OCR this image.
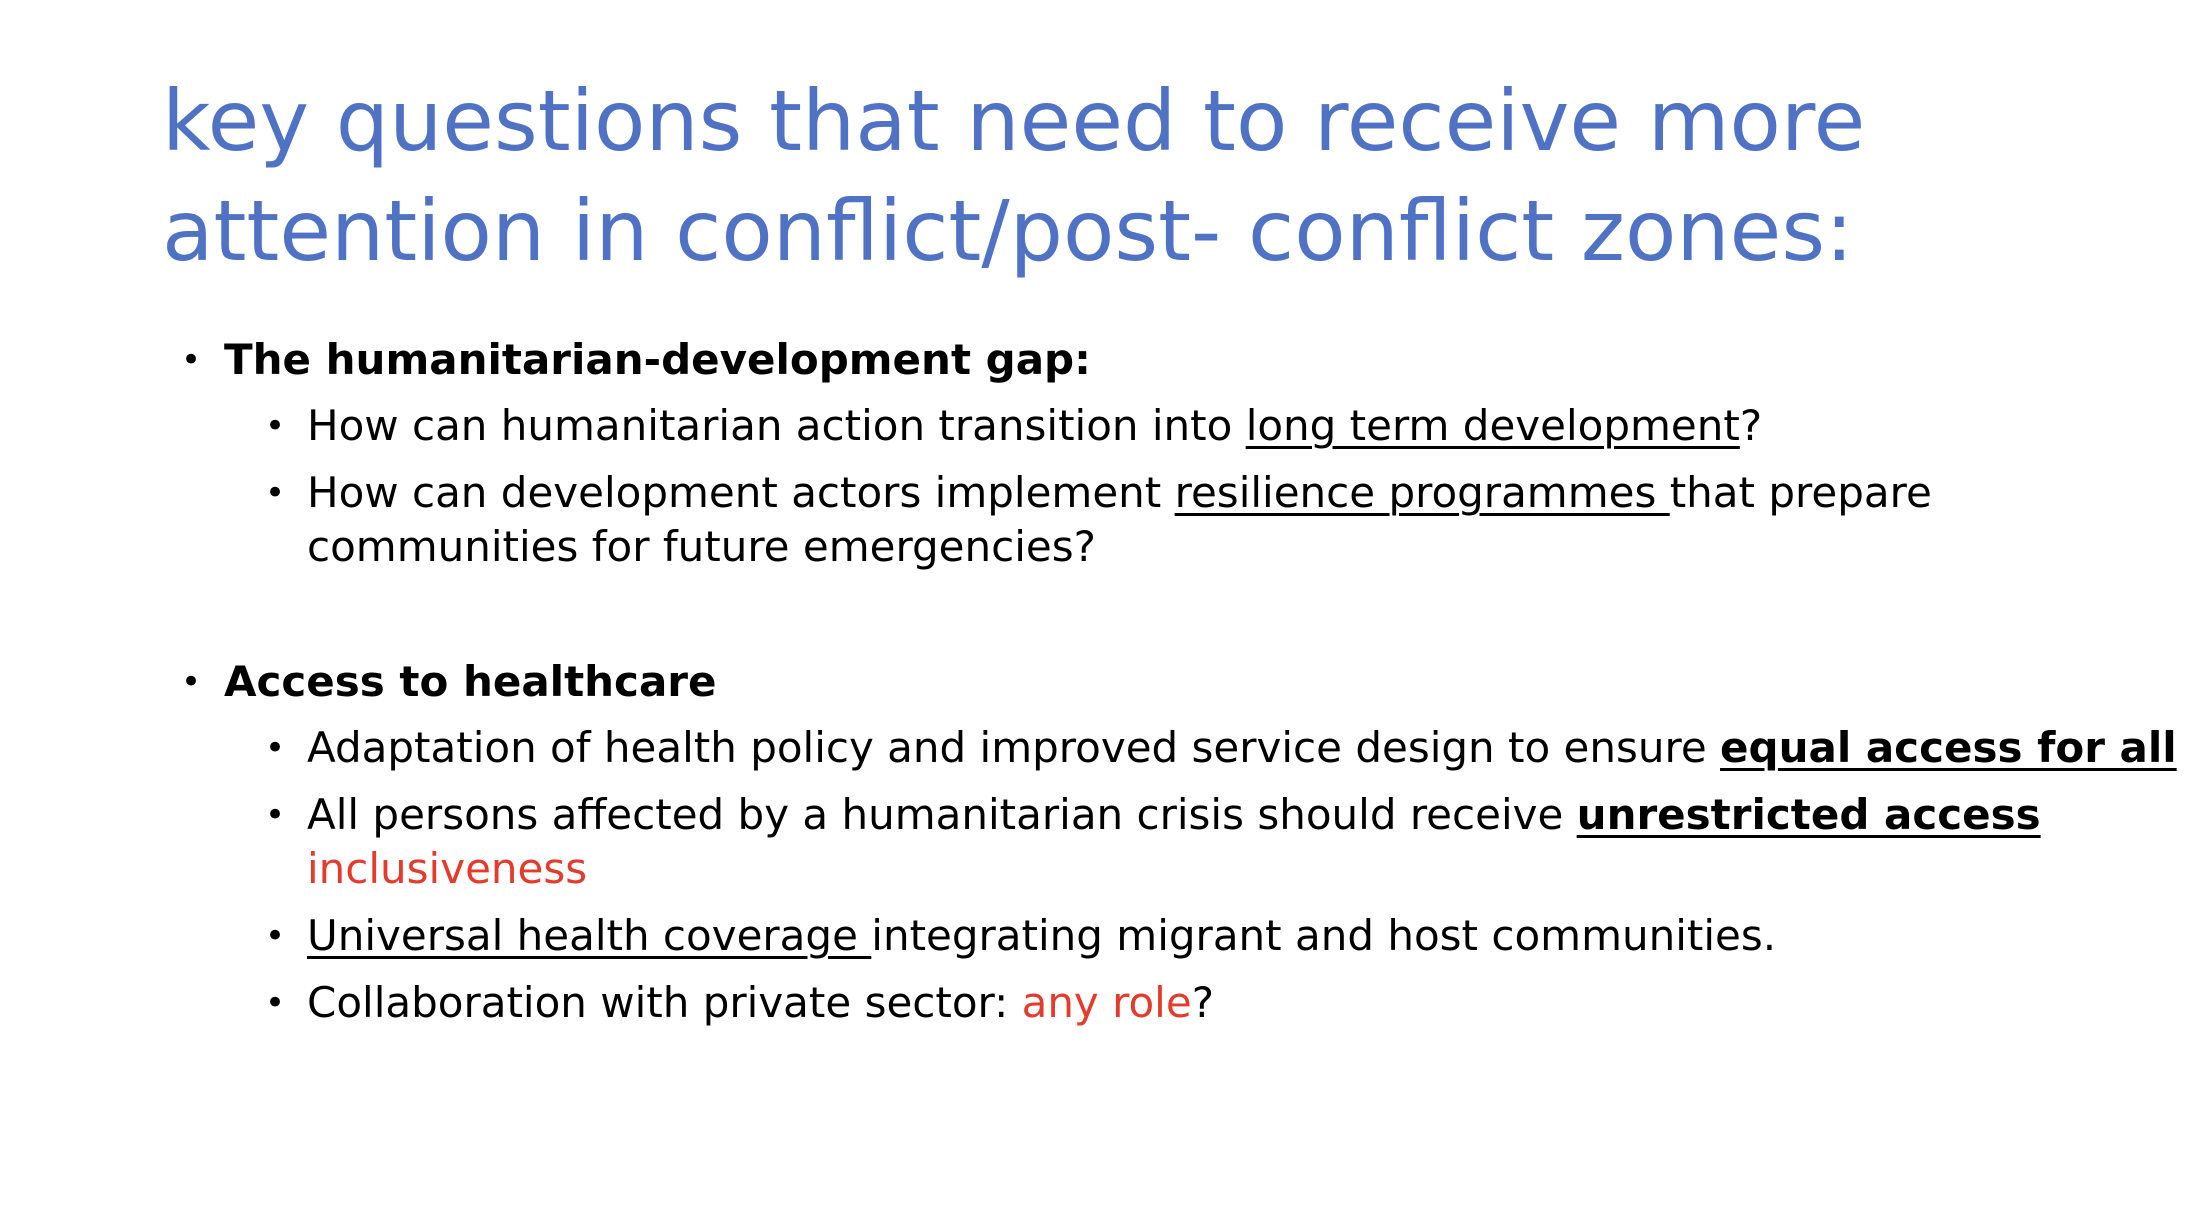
key questions that need to receive more
attention in conflict/post- conflict zones:
• The humanitarian-development gap:
• How can humanitarian action transition into long term development?
• How can development actors implement resilience programmes that prepare
communities for future emergencies?
• Access to healthcare
• Adaptation of health policy and improved service design to ensure equal access for all
• All persons affected by a humanitarian crisis should receive unrestricted access
inclusiveness
• Universal health coverage integrating migrant and host communities.
• Collaboration with private sector: any role?
